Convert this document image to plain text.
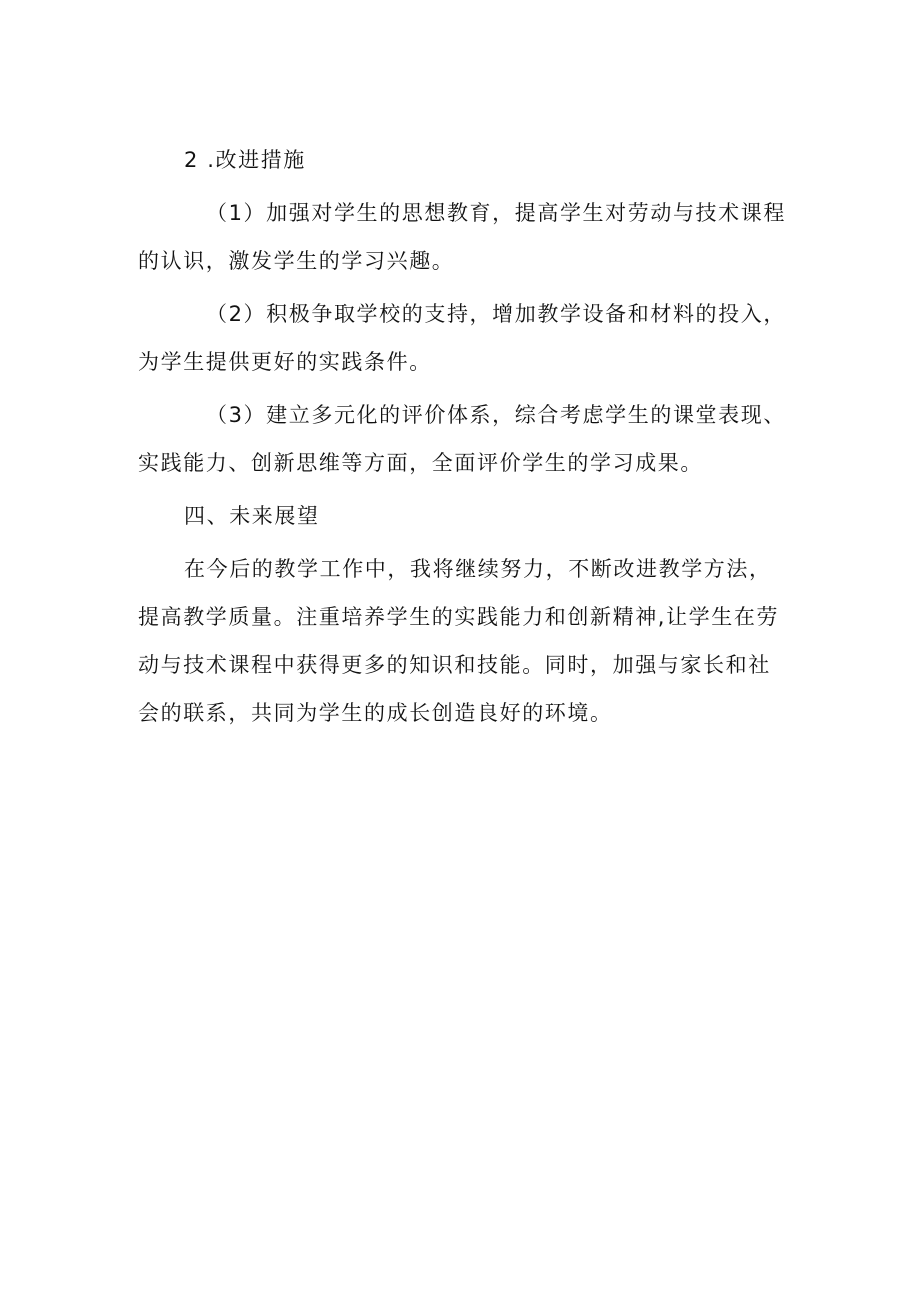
2 .改进措施
（1）加强对学生的思想教育，提高学生对劳动与技术课程
的认识，激发学生的学习兴趣。
（2）积极争取学校的支持，增加教学设备和材料的投入，
为学生提供更好的实践条件。
（3）建立多元化的评价体系，综合考虑学生的课堂表现、
实践能力、创新思维等方面，全面评价学生的学习成果。
四、未来展望
在今后的教学工作中，我将继续努力，不断改进教学方法，
提高教学质量。注重培养学生的实践能力和创新精神,让学生在劳
动与技术课程中获得更多的知识和技能。同时，加强与家长和社
会的联系，共同为学生的成长创造良好的环境。
